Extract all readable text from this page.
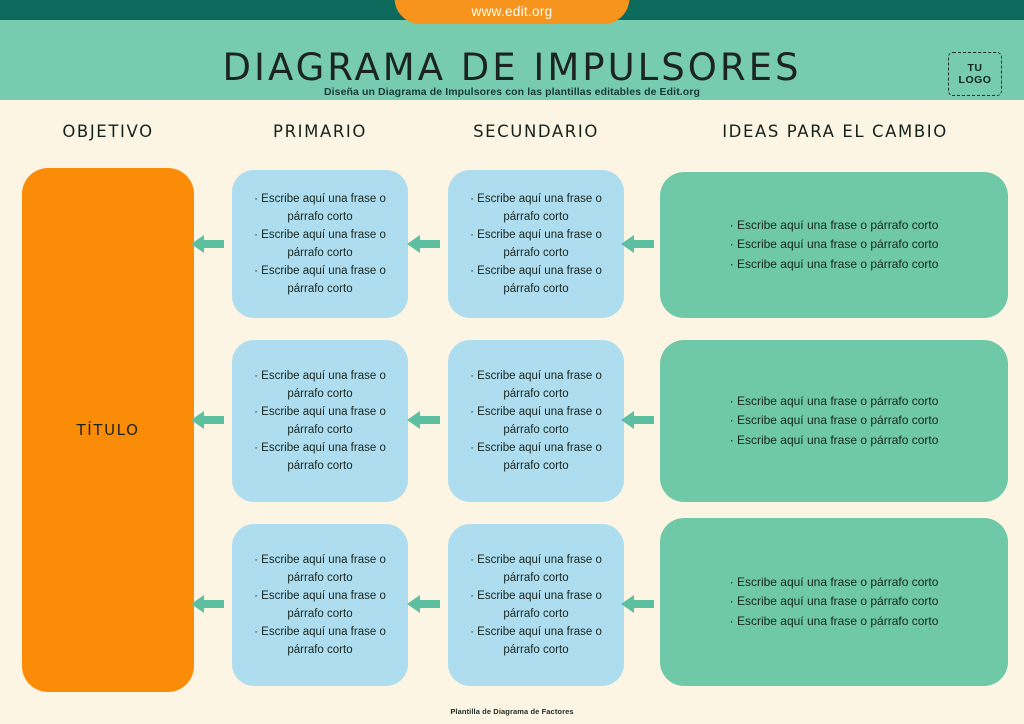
www.edit.org
DIAGRAMA DE IMPULSORES
Diseña un Diagrama de Impulsores con las plantillas editables de Edit.org
TU
LOGO
OBJETIVO	PRIMARIO	SECUNDARIO	IDEAS PARA EL CAMBIO
TÍTULO
· Escribe aquí una frase o párrafo corto
· Escribe aquí una frase o párrafo corto
· Escribe aquí una frase o párrafo corto
· Escribe aquí una frase o párrafo corto
· Escribe aquí una frase o párrafo corto
· Escribe aquí una frase o párrafo corto
· Escribe aquí una frase o párrafo corto
· Escribe aquí una frase o párrafo corto
· Escribe aquí una frase o párrafo corto
· Escribe aquí una frase o párrafo corto
· Escribe aquí una frase o párrafo corto
· Escribe aquí una frase o párrafo corto
· Escribe aquí una frase o párrafo corto
· Escribe aquí una frase o párrafo corto
· Escribe aquí una frase o párrafo corto
· Escribe aquí una frase o párrafo corto
· Escribe aquí una frase o párrafo corto
· Escribe aquí una frase o párrafo corto
· Escribe aquí una frase o párrafo corto
· Escribe aquí una frase o párrafo corto
· Escribe aquí una frase o párrafo corto
· Escribe aquí una frase o párrafo corto
· Escribe aquí una frase o párrafo corto
· Escribe aquí una frase o párrafo corto
· Escribe aquí una frase o párrafo corto
· Escribe aquí una frase o párrafo corto
· Escribe aquí una frase o párrafo corto
Plantilla de Diagrama de Factores
